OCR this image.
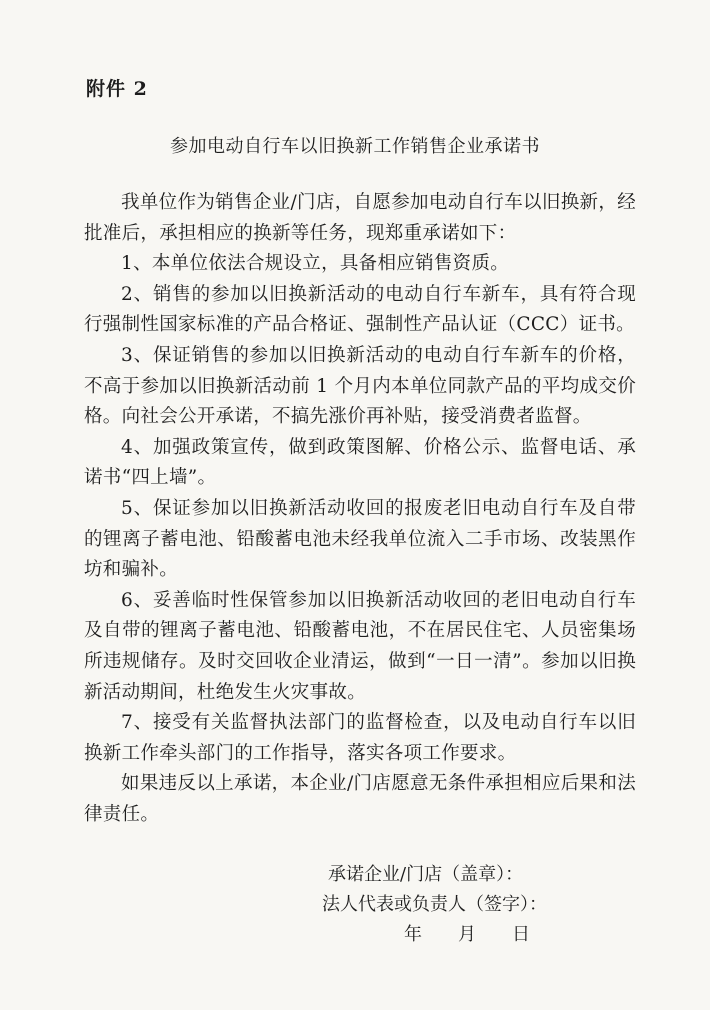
附件 2
参加电动自行车以旧换新工作销售企业承诺书

我单位作为销售企业/门店，自愿参加电动自行车以旧换新，经批准后，承担相应的换新等任务，现郑重承诺如下：

1、本单位依法合规设立，具备相应销售资质。

2、销售的参加以旧换新活动的电动自行车新车，具有符合现行强制性国家标准的产品合格证、强制性产品认证（CCC）证书。

3、保证销售的参加以旧换新活动的电动自行车新车的价格，不高于参加以旧换新活动前 1 个月内本单位同款产品的平均成交价格。向社会公开承诺，不搞先涨价再补贴，接受消费者监督。

4、加强政策宣传，做到政策图解、价格公示、监督电话、承诺书“四上墙”。

5、保证参加以旧换新活动收回的报废老旧电动自行车及自带的锂离子蓄电池、铅酸蓄电池未经我单位流入二手市场、改装黑作坊和骗补。

6、妥善临时性保管参加以旧换新活动收回的老旧电动自行车及自带的锂离子蓄电池、铅酸蓄电池，不在居民住宅、人员密集场所违规储存。及时交回收企业清运，做到“一日一清”。参加以旧换新活动期间，杜绝发生火灾事故。

7、接受有关监督执法部门的监督检查，以及电动自行车以旧换新工作牵头部门的工作指导，落实各项工作要求。

如果违反以上承诺，本企业/门店愿意无条件承担相应后果和法律责任。

承诺企业/门店（盖章）：
法人代表或负责人（签字）：
年　　月　　日
